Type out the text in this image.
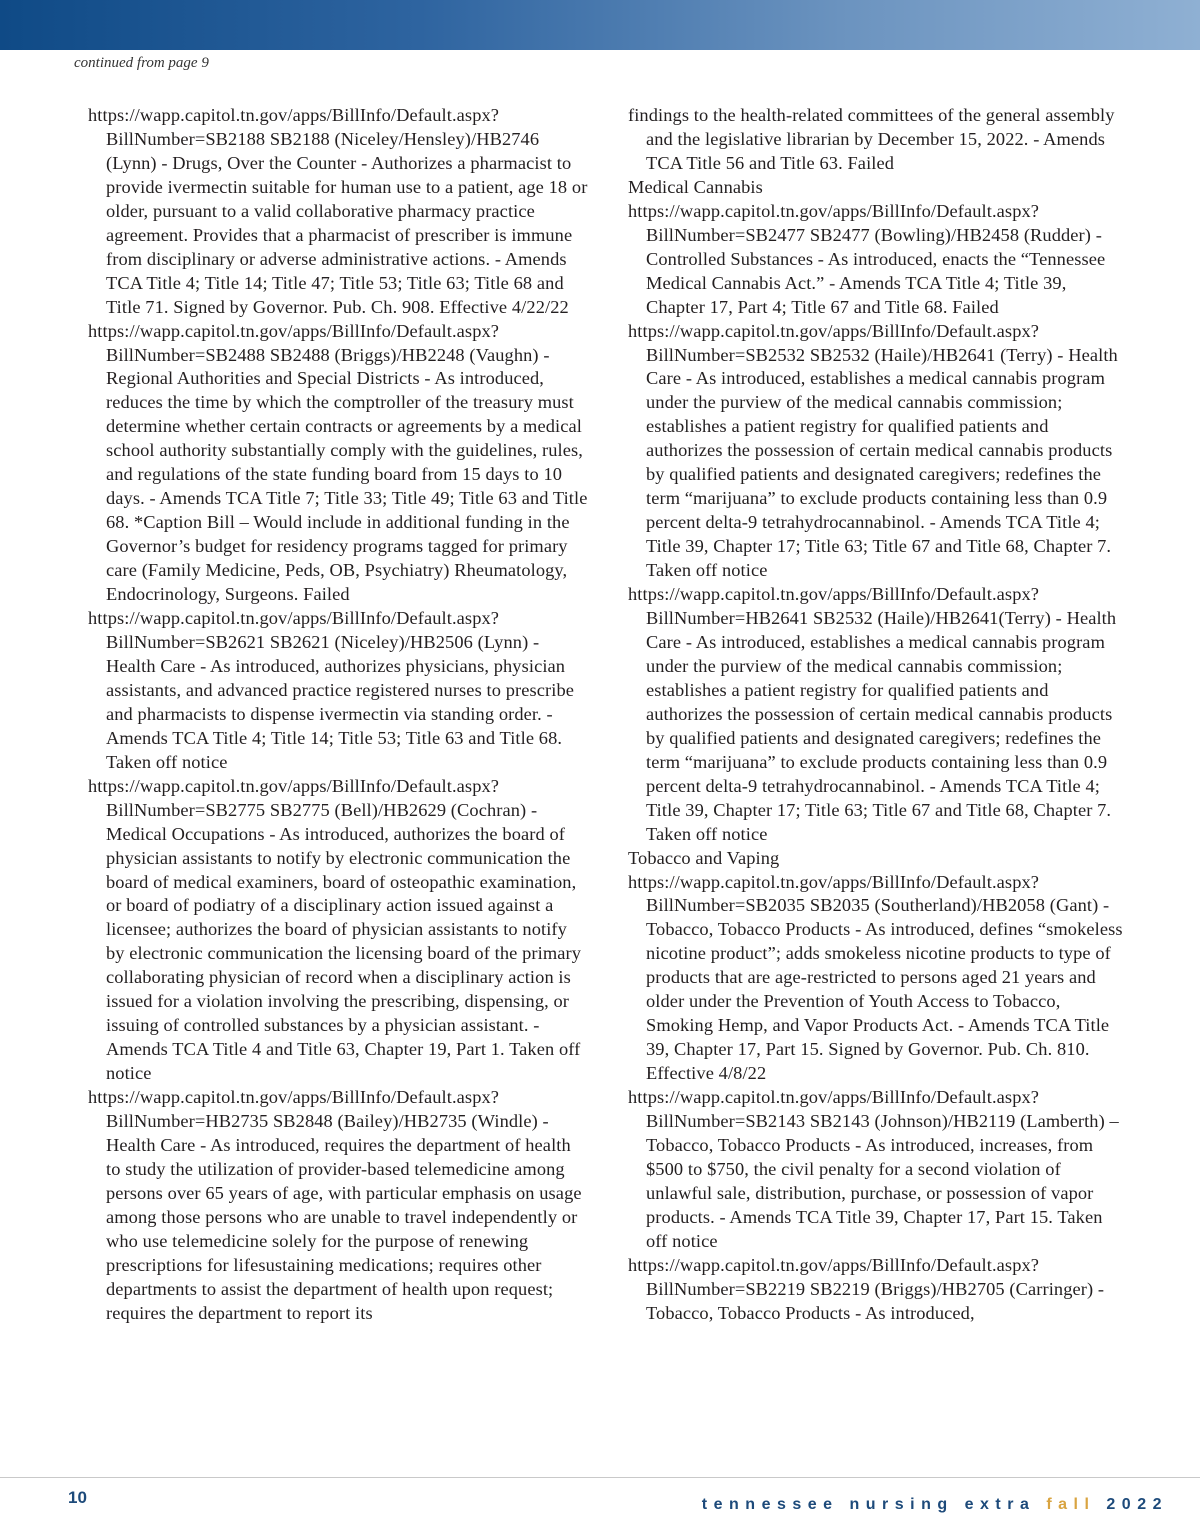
continued from page 9
https://wapp.capitol.tn.gov/apps/BillInfo/Default.aspx?BillNumber=SB2188 SB2188 (Niceley/Hensley)/HB2746 (Lynn) - Drugs, Over the Counter - Authorizes a pharmacist to provide ivermectin suitable for human use to a patient, age 18 or older, pursuant to a valid collaborative pharmacy practice agreement. Provides that a pharmacist of prescriber is immune from disciplinary or adverse administrative actions. - Amends TCA Title 4; Title 14; Title 47; Title 53; Title 63; Title 68 and Title 71. Signed by Governor. Pub. Ch. 908. Effective 4/22/22
https://wapp.capitol.tn.gov/apps/BillInfo/Default.aspx?BillNumber=SB2488 SB2488 (Briggs)/HB2248 (Vaughn) - Regional Authorities and Special Districts - As introduced, reduces the time by which the comptroller of the treasury must determine whether certain contracts or agreements by a medical school authority substantially comply with the guidelines, rules, and regulations of the state funding board from 15 days to 10 days. - Amends TCA Title 7; Title 33; Title 49; Title 63 and Title 68. *Caption Bill – Would include in additional funding in the Governor’s budget for residency programs tagged for primary care (Family Medicine, Peds, OB, Psychiatry) Rheumatology, Endocrinology, Surgeons. Failed
https://wapp.capitol.tn.gov/apps/BillInfo/Default.aspx?BillNumber=SB2621 SB2621 (Niceley)/HB2506 (Lynn) - Health Care - As introduced, authorizes physicians, physician assistants, and advanced practice registered nurses to prescribe and pharmacists to dispense ivermectin via standing order. - Amends TCA Title 4; Title 14; Title 53; Title 63 and Title 68. Taken off notice
https://wapp.capitol.tn.gov/apps/BillInfo/Default.aspx?BillNumber=SB2775 SB2775 (Bell)/HB2629 (Cochran) - Medical Occupations - As introduced, authorizes the board of physician assistants to notify by electronic communication the board of medical examiners, board of osteopathic examination, or board of podiatry of a disciplinary action issued against a licensee; authorizes the board of physician assistants to notify by electronic communication the licensing board of the primary collaborating physician of record when a disciplinary action is issued for a violation involving the prescribing, dispensing, or issuing of controlled substances by a physician assistant. - Amends TCA Title 4 and Title 63, Chapter 19, Part 1. Taken off notice
https://wapp.capitol.tn.gov/apps/BillInfo/Default.aspx?BillNumber=HB2735 SB2848 (Bailey)/HB2735 (Windle) - Health Care - As introduced, requires the department of health to study the utilization of provider-based telemedicine among persons over 65 years of age, with particular emphasis on usage among those persons who are unable to travel independently or who use telemedicine solely for the purpose of renewing prescriptions for lifesustaining medications; requires other departments to assist the department of health upon request; requires the department to report its
findings to the health-related committees of the general assembly and the legislative librarian by December 15, 2022. - Amends TCA Title 56 and Title 63. Failed
Medical Cannabis
https://wapp.capitol.tn.gov/apps/BillInfo/Default.aspx?BillNumber=SB2477 SB2477 (Bowling)/HB2458 (Rudder) - Controlled Substances - As introduced, enacts the “Tennessee Medical Cannabis Act.” - Amends TCA Title 4; Title 39, Chapter 17, Part 4; Title 67 and Title 68. Failed
https://wapp.capitol.tn.gov/apps/BillInfo/Default.aspx?BillNumber=SB2532 SB2532 (Haile)/HB2641 (Terry) - Health Care - As introduced, establishes a medical cannabis program under the purview of the medical cannabis commission; establishes a patient registry for qualified patients and authorizes the possession of certain medical cannabis products by qualified patients and designated caregivers; redefines the term “marijuana” to exclude products containing less than 0.9 percent delta-9 tetrahydrocannabinol. - Amends TCA Title 4; Title 39, Chapter 17; Title 63; Title 67 and Title 68, Chapter 7. Taken off notice
https://wapp.capitol.tn.gov/apps/BillInfo/Default.aspx?BillNumber=HB2641 SB2532 (Haile)/HB2641(Terry) - Health Care - As introduced, establishes a medical cannabis program under the purview of the medical cannabis commission; establishes a patient registry for qualified patients and authorizes the possession of certain medical cannabis products by qualified patients and designated caregivers; redefines the term “marijuana” to exclude products containing less than 0.9 percent delta-9 tetrahydrocannabinol. - Amends TCA Title 4; Title 39, Chapter 17; Title 63; Title 67 and Title 68, Chapter 7. Taken off notice
Tobacco and Vaping
https://wapp.capitol.tn.gov/apps/BillInfo/Default.aspx?BillNumber=SB2035 SB2035 (Southerland)/HB2058 (Gant) - Tobacco, Tobacco Products - As introduced, defines “smokeless nicotine product”; adds smokeless nicotine products to type of products that are age-restricted to persons aged 21 years and older under the Prevention of Youth Access to Tobacco, Smoking Hemp, and Vapor Products Act. - Amends TCA Title 39, Chapter 17, Part 15. Signed by Governor. Pub. Ch. 810. Effective 4/8/22
https://wapp.capitol.tn.gov/apps/BillInfo/Default.aspx?BillNumber=SB2143 SB2143 (Johnson)/HB2119 (Lamberth) – Tobacco, Tobacco Products - As introduced, increases, from $500 to $750, the civil penalty for a second violation of unlawful sale, distribution, purchase, or possession of vapor products. - Amends TCA Title 39, Chapter 17, Part 15. Taken off notice
https://wapp.capitol.tn.gov/apps/BillInfo/Default.aspx?BillNumber=SB2219 SB2219 (Briggs)/HB2705 (Carringer) - Tobacco, Tobacco Products - As introduced,
10	tennessee nursing extra fall 2022
